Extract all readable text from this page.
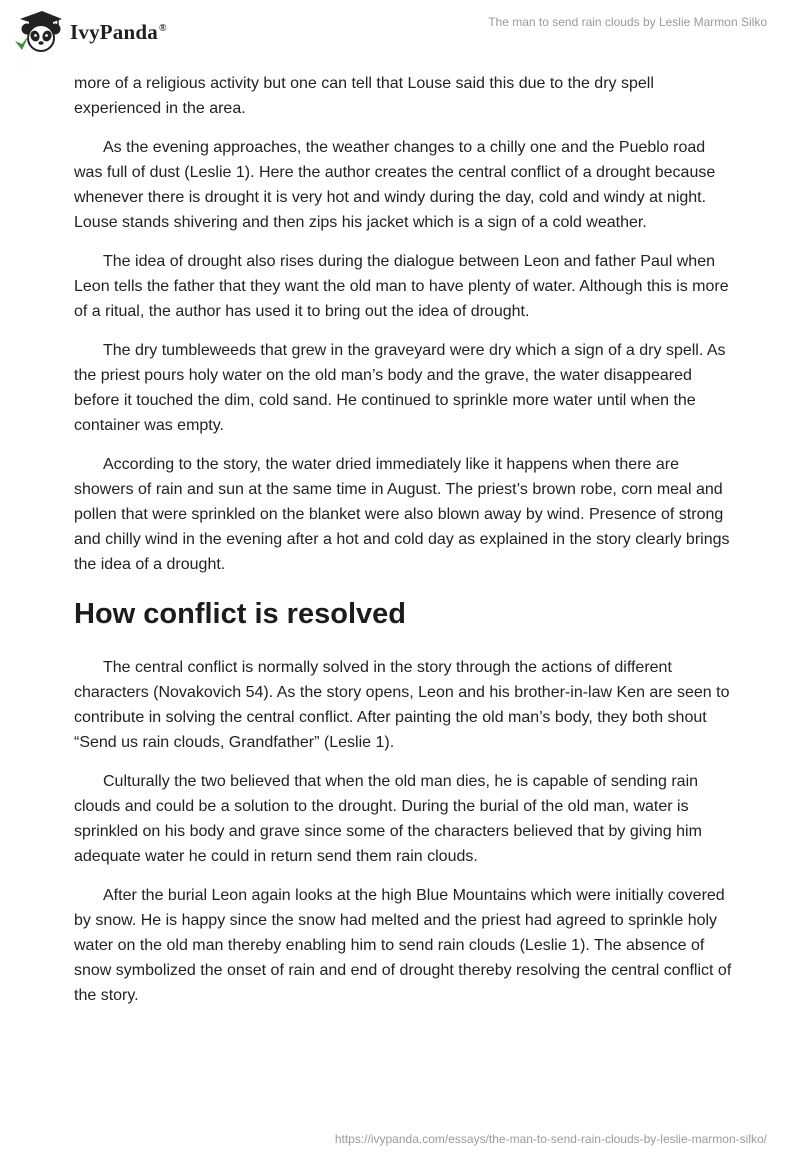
IvyPanda®	The man to send rain clouds by Leslie Marmon Silko

more of a religious activity but one can tell that Louse said this due to the dry spell experienced in the area.

As the evening approaches, the weather changes to a chilly one and the Pueblo road was full of dust (Leslie 1). Here the author creates the central conflict of a drought because whenever there is drought it is very hot and windy during the day, cold and windy at night. Louse stands shivering and then zips his jacket which is a sign of a cold weather.

The idea of drought also rises during the dialogue between Leon and father Paul when Leon tells the father that they want the old man to have plenty of water. Although this is more of a ritual, the author has used it to bring out the idea of drought.

The dry tumbleweeds that grew in the graveyard were dry which a sign of a dry spell. As the priest pours holy water on the old man’s body and the grave, the water disappeared before it touched the dim, cold sand. He continued to sprinkle more water until when the container was empty.

According to the story, the water dried immediately like it happens when there are showers of rain and sun at the same time in August. The priest’s brown robe, corn meal and pollen that were sprinkled on the blanket were also blown away by wind. Presence of strong and chilly wind in the evening after a hot and cold day as explained in the story clearly brings the idea of a drought.

How conflict is resolved

The central conflict is normally solved in the story through the actions of different characters (Novakovich 54). As the story opens, Leon and his brother-in-law Ken are seen to contribute in solving the central conflict. After painting the old man’s body, they both shout “Send us rain clouds, Grandfather” (Leslie 1).

Culturally the two believed that when the old man dies, he is capable of sending rain clouds and could be a solution to the drought. During the burial of the old man, water is sprinkled on his body and grave since some of the characters believed that by giving him adequate water he could in return send them rain clouds.

After the burial Leon again looks at the high Blue Mountains which were initially covered by snow. He is happy since the snow had melted and the priest had agreed to sprinkle holy water on the old man thereby enabling him to send rain clouds (Leslie 1). The absence of snow symbolized the onset of rain and end of drought thereby resolving the central conflict of the story.

https://ivypanda.com/essays/the-man-to-send-rain-clouds-by-leslie-marmon-silko/
